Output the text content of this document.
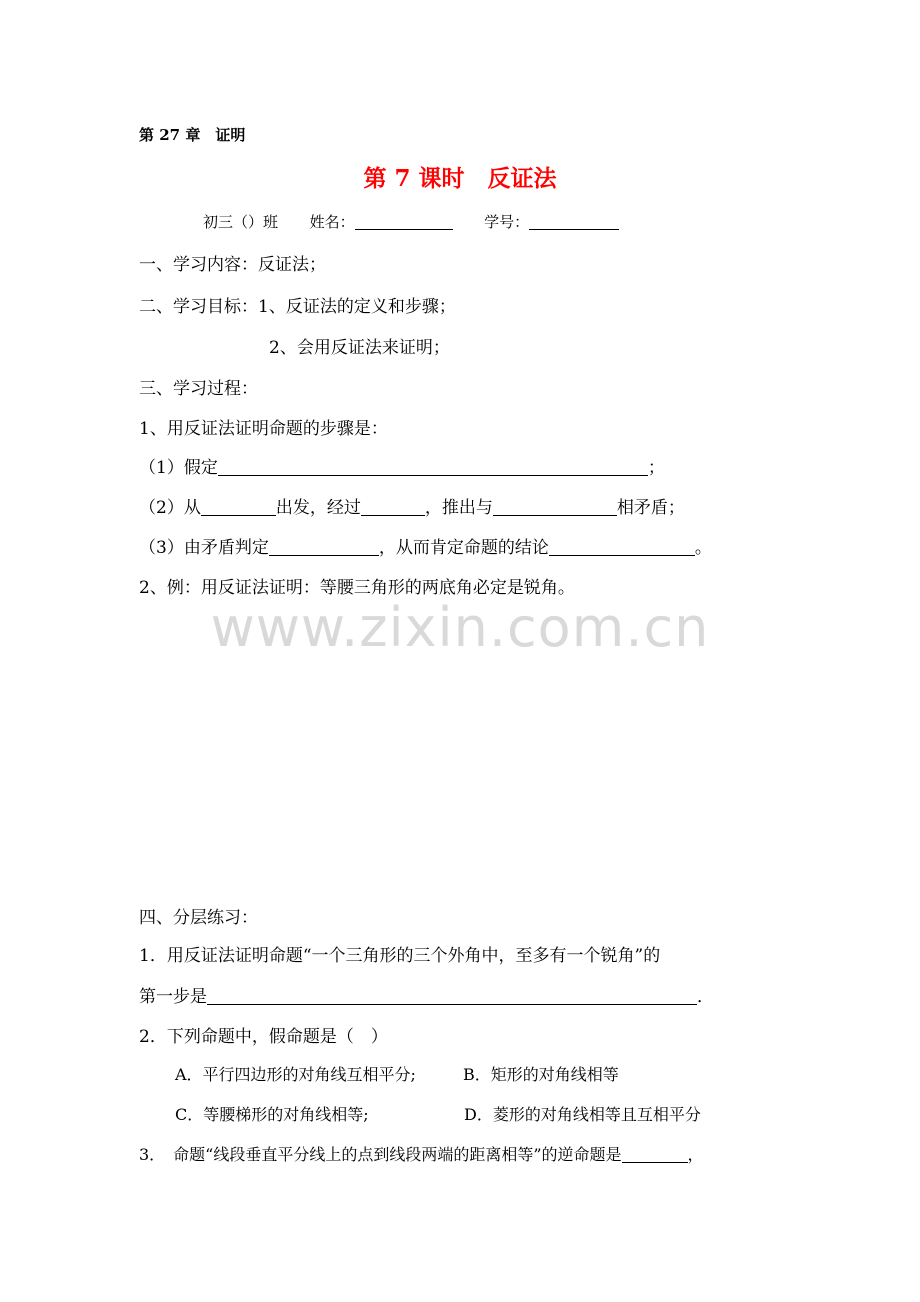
第 27 章　证明
第 7 课时　反证法
初三（）班 姓名：	学号：
一、学习内容：反证法；
二、学习目标：1、反证法的定义和步骤；
2、会用反证法来证明；
三、学习过程：
1、用反证法证明命题的步骤是：
（1）假定	；
（2）从	出发，经过	，推出与	相矛盾；
（3）由矛盾判定	，从而肯定命题的结论	。
2、例：用反证法证明：等腰三角形的两底角必定是锐角。
www.zixin.com.cn
四、分层练习：
1．用反证法证明命题“一个三角形的三个外角中，至多有一个锐角”的
第一步是	．
2．下列命题中，假命题是（　）
A．平行四边形的对角线互相平分;	B．矩形的对角线相等
C．等腰梯形的对角线相等;	D．菱形的对角线相等且互相平分
3．　命题“线段垂直平分线上的点到线段两端的距离相等”的逆命题是	，
